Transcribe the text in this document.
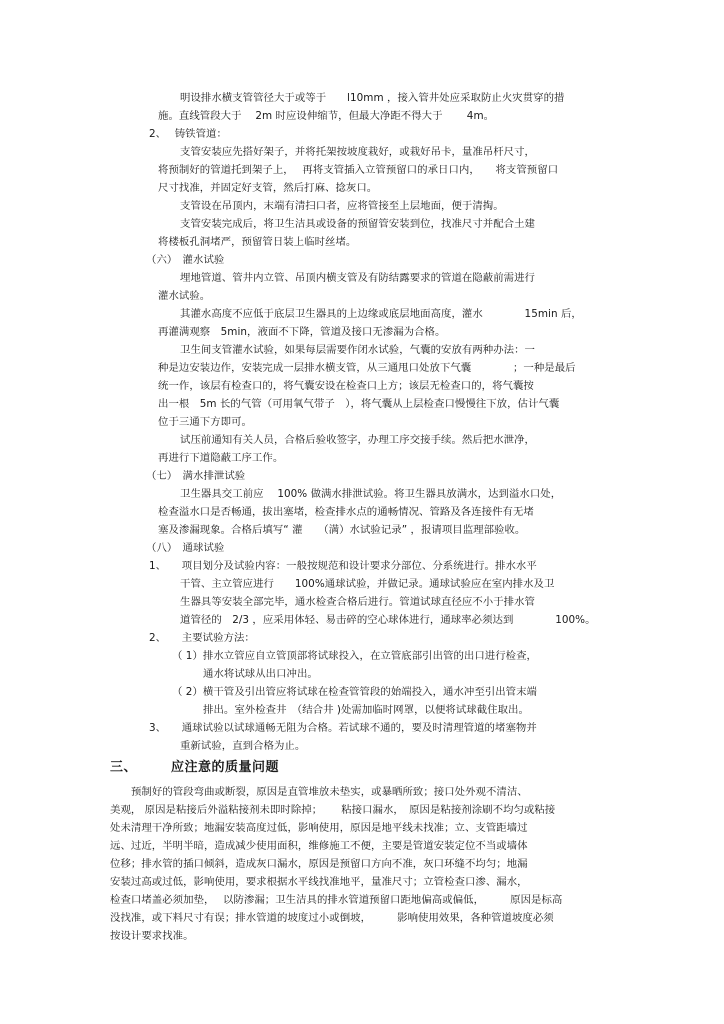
明设排水横支管管径大于或等于　　l10mm ，接入管井处应采取防止火灾贯穿的措
施。直线管段大于　 2m 时应设伸缩节，但最大净距不得大于　　 4m。
2、　 铸铁管道：
支管安装应先搭好架子，并将托架按坡度栽好，或栽好吊卡，量准吊杆尺寸，
将预制好的管道托到架子上，　 再将支管插入立管预留口的承日口内，　　将支管预留口
尺寸找准，并固定好支管，然后打麻、捻灰口。
支管设在吊顶内，末端有清扫口者，应将管接至上层地面，便于清掏。
支管安装完成后，将卫生洁具或设备的预留管安装到位，找准尺寸并配合土建
将楼板孔洞堵严，预留管日装上临时丝堵。
（六）　灌水试验
埋地管道、管井内立管、吊顶内横支管及有防结露要求的管道在隐蔽前需进行
灌水试验。
其灌水高度不应低于底层卫生器具的上边缘或底层地面高度，灌水　　　　15min 后，
再灌满观察　5min，液面不下降，管道及接口无渗漏为合格。
卫生间支管灌水试验，如果每层需要作闭水试验，气囊的安放有两种办法：一
种是边安装边作，安装完成一层排水横支管，从三通甩口处放下气囊　　　　；一种是最后
统一作，该层有检查口的，将气囊安设在检查口上方；该层无检查口的，将气囊按
出一根　5m 长的气管（可用氧气带子　），将气囊从上层检查口慢慢往下放，估计气囊
位于三通下方即可。
试压前通知有关人员，合格后验收签字，办理工序交接手续。然后把水泄净，
再进行下道隐蔽工序工作。
（七）　满水排泄试验
卫生器具交工前应　 100% 做满水排泄试验。将卫生器具放满水，达到溢水口处，
检查溢水口是否畅通，拔出塞堵，检查排水点的通畅情况、管路及各连接件有无堵
塞及渗漏现象。合格后填写“ 灌　　（满）水试验记录” ，报请项目监理部验收。
（八）　通球试验
1、　　项目划分及试验内容：一般按规范和设计要求分部位、分系统进行。排水水平
干管、主立管应进行　　100%通球试验，并做记录。通球试验应在室内排水及卫
生器具等安装全部完毕，通水检查合格后进行。管道试球直径应不小于排水管
道管径的　2/3 ，应采用体轻、易击碎的空心球体进行，通球率必须达到　　　　100%。
2、　　主要试验方法：
（ 1）排水立管应自立管顶部将试球投入，在立管底部引出管的出口进行检查，
通水将试球从出口冲出。
（ 2）横干管及引出管应将试球在检查管管段的始端投入，通水冲至引出管末端
排出。室外检查井　（结合井 )处需加临时网罩，以便将试球截住取出。
3、　　通球试验以试球通畅无阻为合格。若试球不通的，要及时清理管道的堵塞物并
重新试验，直到合格为止。
三、　　　应注意的质量问题
预制好的管段弯曲或断裂，原因是直管堆放未垫实，或暴晒所致；接口处外观不清洁、
美观， 原因是粘接后外溢粘接剂未即时除掉；　　 粘接口漏水，　原因是粘接剂涂刷不均匀或粘接
处未清理干净所致；地漏安装高度过低，影响使用，原因是地平线未找准；立、支管距墙过
远、过近，半明半暗，造成减少使用面积，维修施工不便，主要是管道安装定位不当或墙体
位移；排水管的插口倾斜，造成灰口漏水，原因是预留口方向不准，灰口环缝不均匀；地漏
安装过高或过低，影响使用，要求根据水平线找准地平，量准尺寸；立管检查口渗、漏水，
检查口堵盖必须加垫，　 以防渗漏；卫生洁具的排水管道预留口距地偏高或偏低，　　　原因是标高
没找准，或下料尺寸有误；排水管道的坡度过小或倒坡，　　　影响使用效果，各种管道坡度必须
按设计要求找准。
